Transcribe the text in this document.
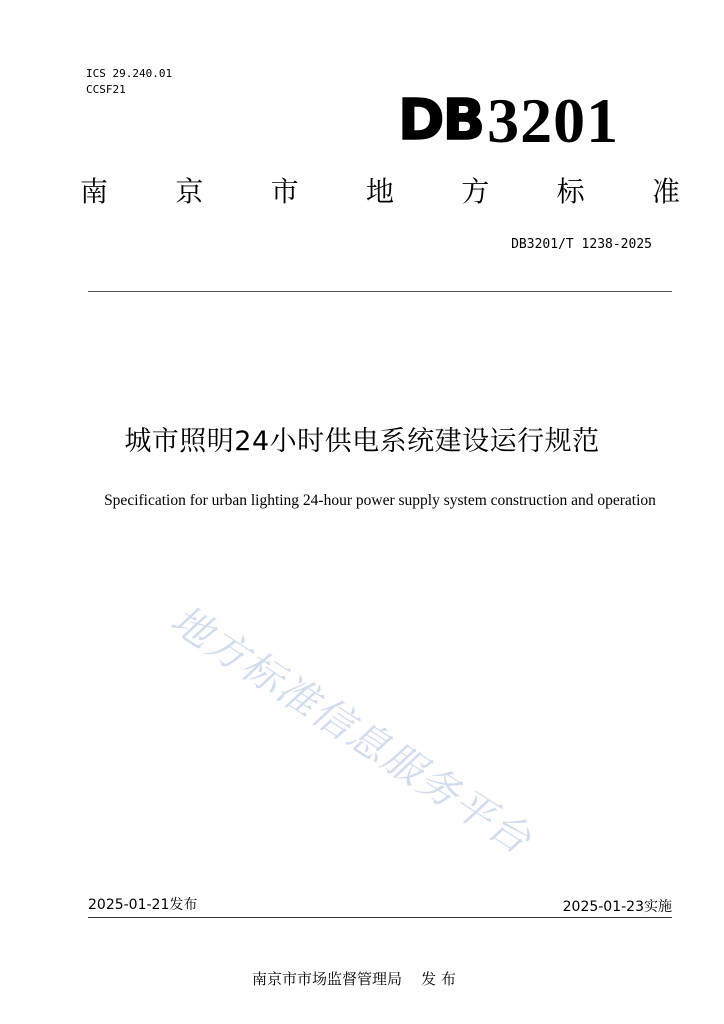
ICS 29.240.01
CCSF21	DB3201
南 京 市 地 方 标 准
DB3201/T 1238-2025
城市照明24小时供电系统建设运行规范
Specification for urban lighting 24-hour power supply system construction and operation
地方标准信息服务平台
2025-01-21发布	2025-01-23实施
南京市市场监督管理局    发 布
